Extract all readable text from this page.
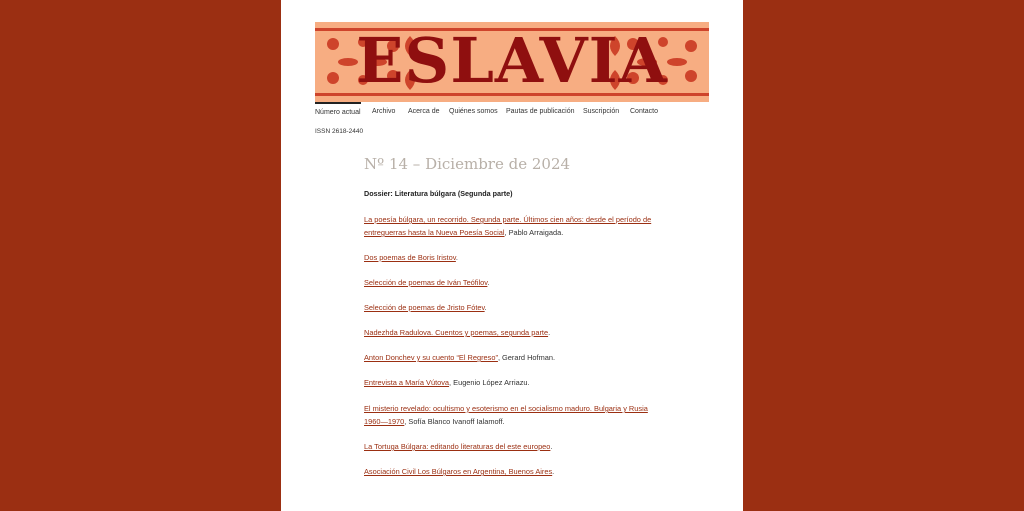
ESLAVIA
Número actual Archivo Acerca de Quiénes somos Pautas de publicación Suscripción Contacto
ISSN 2618-2440
Nº 14 – Diciembre de 2024
Dossier: Literatura búlgara (Segunda parte)
La poesía búlgara, un recorrido. Segunda parte. Últimos cien años: desde el período de entreguerras hasta la Nueva Poesía Social, Pablo Arraigada.
Dos poemas de Boris Iristov.
Selección de poemas de Iván Teófilov.
Selección de poemas de Jristo Fótev.
Nadezhda Radulova. Cuentos y poemas, segunda parte.
Anton Donchev y su cuento “El Regreso”, Gerard Hofman.
Entrevista a María Vútova, Eugenio López Arriazu.
El misterio revelado: ocultismo y esoterismo en el socialismo maduro. Bulgaria y Rusia 1960—1970, Sofía Blanco Ivanoff Ialamoff.
La Tortuga Búlgara: editando literaturas del este europeo.
Asociación Civil Los Búlgaros en Argentina, Buenos Aires.
